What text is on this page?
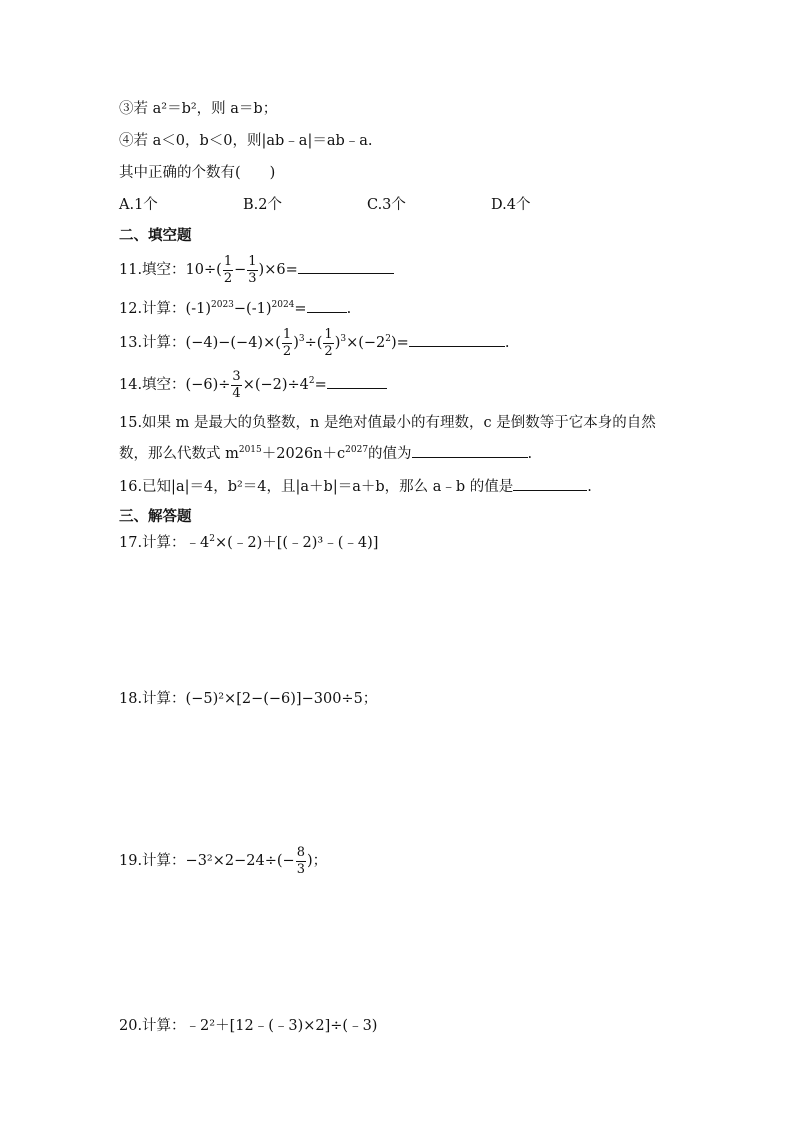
③若 a²＝b²，则 a＝b；
④若 a＜0，b＜0，则|ab﹣a|＝ab﹣a.
其中正确的个数有(　　)
A.1个	B.2个	C.3个	D.4个
二、填空题
11.填空：$10\div( \frac{1}{2} - \frac{1}{3} )\times 6=$
12.计算：$(-1)^{2023}-(-1)^{2024}=$	.
13.计算：$(-4)-(-4)\times( \frac{1}{2} )^3\div( \frac{1}{2} )^3\times(-2^2)=$	.
14.填空：$(-6)\div \frac{3}{4} \times(-2)\div 4^2=$
15.如果 m 是最大的负整数，n 是绝对值最小的有理数，c 是倒数等于它本身的自然
数，那么代数式 $m^{2015}+2026n+c^{2027}$的值为	.
16.已知|a|＝4，b²＝4，且|a＋b|＝a＋b，那么 a﹣b 的值是	.
三、解答题
17.计算：$﹣4^2\times(﹣2)+[(﹣2)^3﹣(﹣4)]$
18.计算：(−5)²×[2−(−6)]−300÷5；
19.计算：$-3^2\times 2-24\div(- \frac{8}{3}$ )；
20.计算：﹣2²＋[12﹣(﹣3)×2]÷(﹣3)
